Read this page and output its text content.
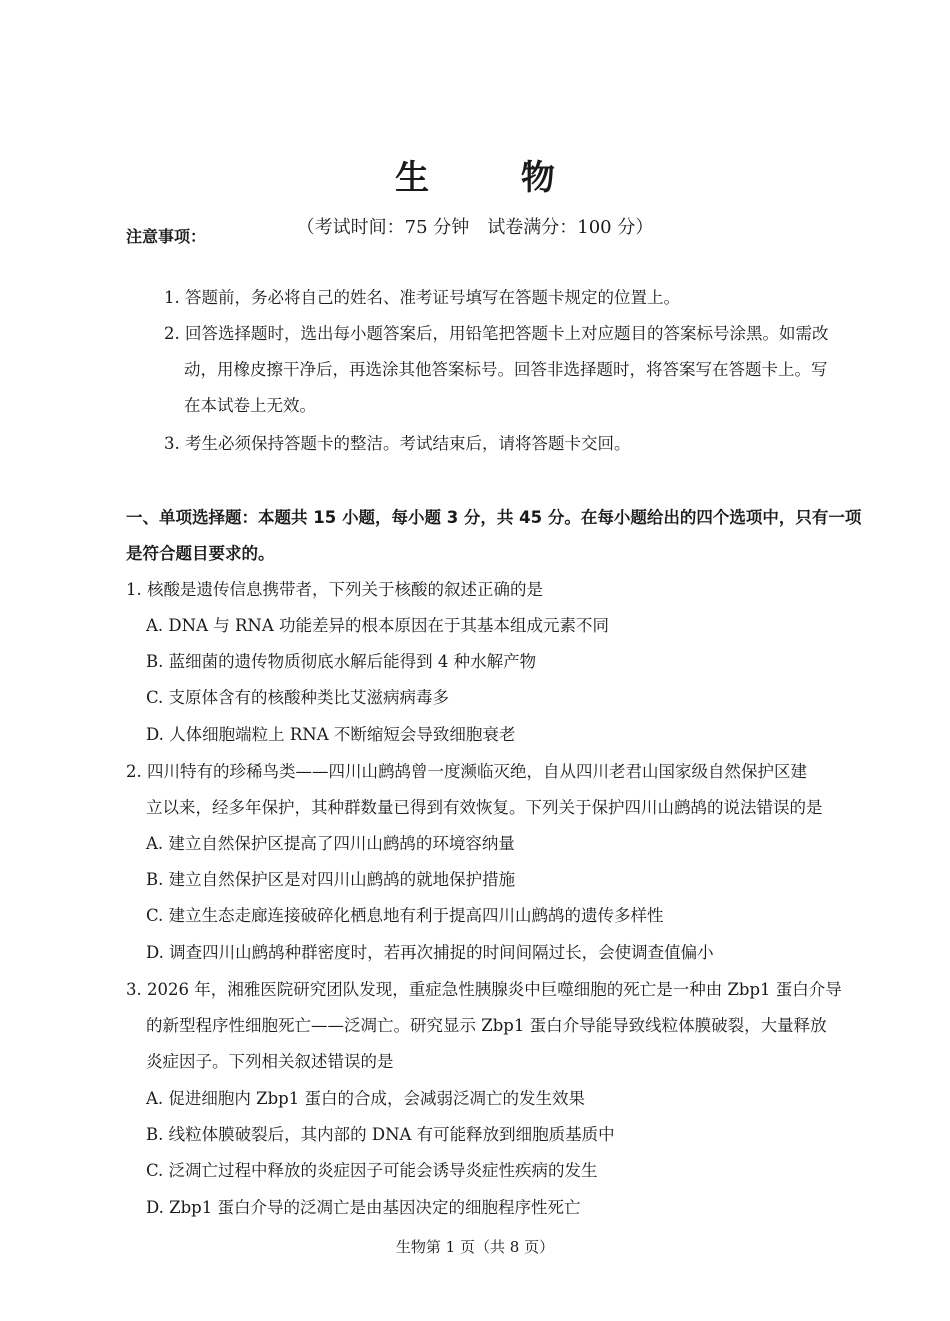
生 物
（考试时间：75 分钟　试卷满分：100 分）
注意事项：
1. 答题前，务必将自己的姓名、准考证号填写在答题卡规定的位置上。
2. 回答选择题时，选出每小题答案后，用铅笔把答题卡上对应题目的答案标号涂黑。如需改
动，用橡皮擦干净后，再选涂其他答案标号。回答非选择题时，将答案写在答题卡上。写
在本试卷上无效。
3. 考生必须保持答题卡的整洁。考试结束后，请将答题卡交回。
一、单项选择题：本题共 15 小题，每小题 3 分，共 45 分。在每小题给出的四个选项中，只有一项
是符合题目要求的。
1. 核酸是遗传信息携带者，下列关于核酸的叙述正确的是
A. DNA 与 RNA 功能差异的根本原因在于其基本组成元素不同
B. 蓝细菌的遗传物质彻底水解后能得到 4 种水解产物
C. 支原体含有的核酸种类比艾滋病病毒多
D. 人体细胞端粒上 RNA 不断缩短会导致细胞衰老
2. 四川特有的珍稀鸟类——四川山鹧鸪曾一度濒临灭绝，自从四川老君山国家级自然保护区建
立以来，经多年保护，其种群数量已得到有效恢复。下列关于保护四川山鹧鸪的说法错误的是
A. 建立自然保护区提高了四川山鹧鸪的环境容纳量
B. 建立自然保护区是对四川山鹧鸪的就地保护措施
C. 建立生态走廊连接破碎化栖息地有利于提高四川山鹧鸪的遗传多样性
D. 调查四川山鹧鸪种群密度时，若再次捕捉的时间间隔过长，会使调查值偏小
3. 2026 年，湘雅医院研究团队发现，重症急性胰腺炎中巨噬细胞的死亡是一种由 Zbp1 蛋白介导
的新型程序性细胞死亡——泛凋亡。研究显示 Zbp1 蛋白介导能导致线粒体膜破裂，大量释放
炎症因子。下列相关叙述错误的是
A. 促进细胞内 Zbp1 蛋白的合成，会减弱泛凋亡的发生效果
B. 线粒体膜破裂后，其内部的 DNA 有可能释放到细胞质基质中
C. 泛凋亡过程中释放的炎症因子可能会诱导炎症性疾病的发生
D. Zbp1 蛋白介导的泛凋亡是由基因决定的细胞程序性死亡
生物第 1 页（共 8 页）
